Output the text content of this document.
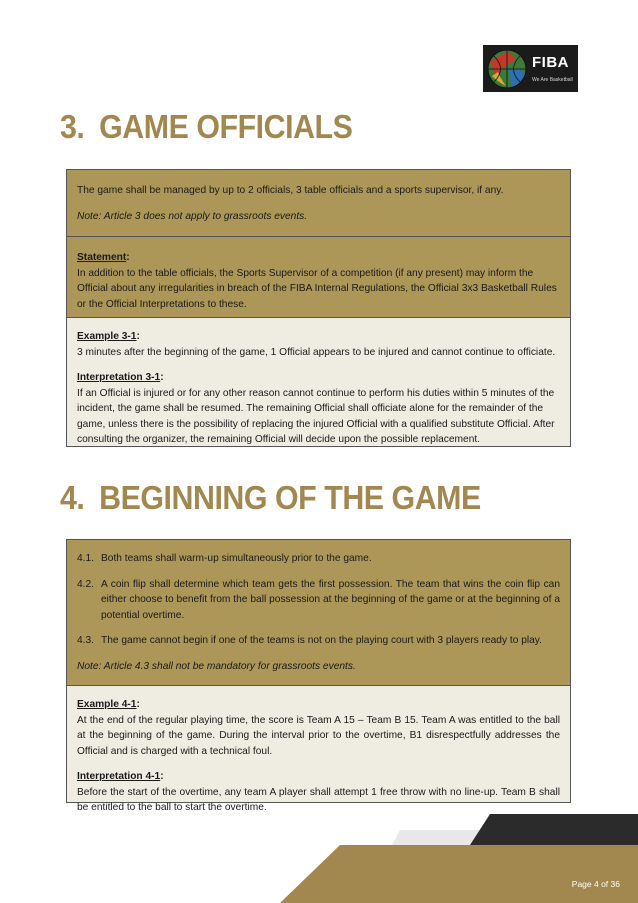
FIBA
We Are Basketball
3. GAME OFFICIALS

The game shall be managed by up to 2 officials, 3 table officials and a sports supervisor, if any.

Note: Article 3 does not apply to grassroots events.

Statement:

In addition to the table officials, the Sports Supervisor of a competition (if any present) may inform the Official about any irregularities in breach of the FIBA Internal Regulations, the Official 3x3 Basketball Rules or the Official Interpretations to these.

Example 3-1:

3 minutes after the beginning of the game, 1 Official appears to be injured and cannot continue to officiate.

Interpretation 3-1:

If an Official is injured or for any other reason cannot continue to perform his duties within 5 minutes of the incident, the game shall be resumed. The remaining Official shall officiate alone for the remainder of the game, unless there is the possibility of replacing the injured Official with a qualified substitute Official. After consulting the organizer, the remaining Official will decide upon the possible replacement.

4. BEGINNING OF THE GAME
4.1. Both teams shall warm-up simultaneously prior to the game.
4.2. A coin flip shall determine which team gets the first possession. The team that wins the coin flip can either choose to benefit from the ball possession at the beginning of the game or at the beginning of a potential overtime.
4.3. The game cannot begin if one of the teams is not on the playing court with 3 players ready to play.

Note: Article 4.3 shall not be mandatory for grassroots events.

Example 4-1:

At the end of the regular playing time, the score is Team A 15 – Team B 15. Team A was entitled to the ball at the beginning of the game. During the interval prior to the overtime, B1 disrespectfully addresses the Official and is charged with a technical foul.

Interpretation 4-1:

Before the start of the overtime, any team A player shall attempt 1 free throw with no line-up. Team B shall be entitled to the ball to start the overtime.

Page 4 of 36
